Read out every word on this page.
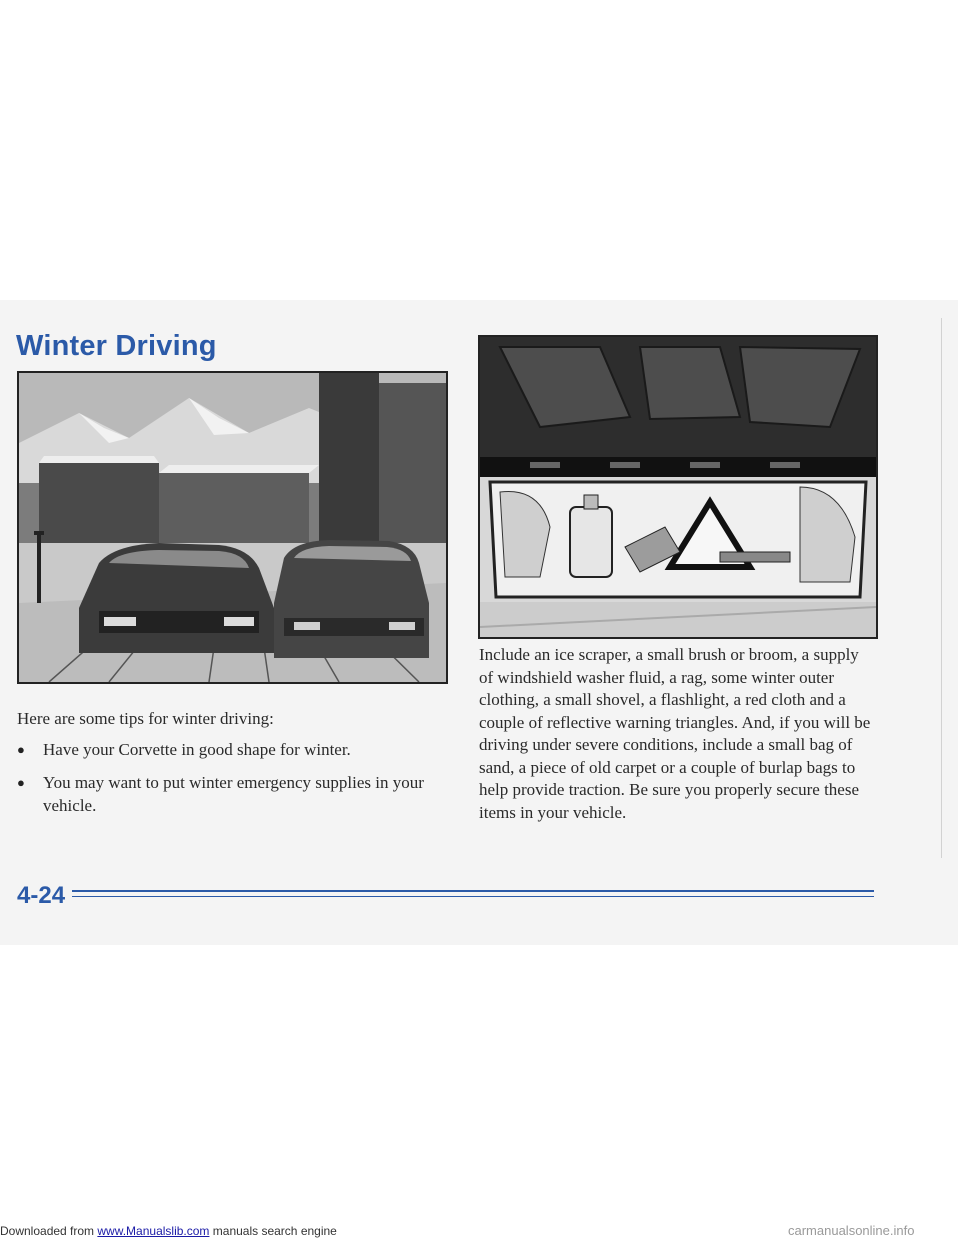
Winter Driving

Here are some tips for winter driving:

●	Have your Corvette in good shape for winter.
●	You may want to put winter emergency supplies in your vehicle.

Include an ice scraper, a small brush or broom, a supply of windshield washer fluid, a rag, some winter outer clothing, a small shovel, a flashlight, a red cloth and a couple of reflective warning triangles. And, if you will be driving under severe conditions, include a small bag of sand, a piece of old carpet or a couple of burlap bags to help provide traction. Be sure you properly secure these items in your vehicle.

4-24

Downloaded from www.Manualslib.com manuals search engine	carmanualsonline.info
